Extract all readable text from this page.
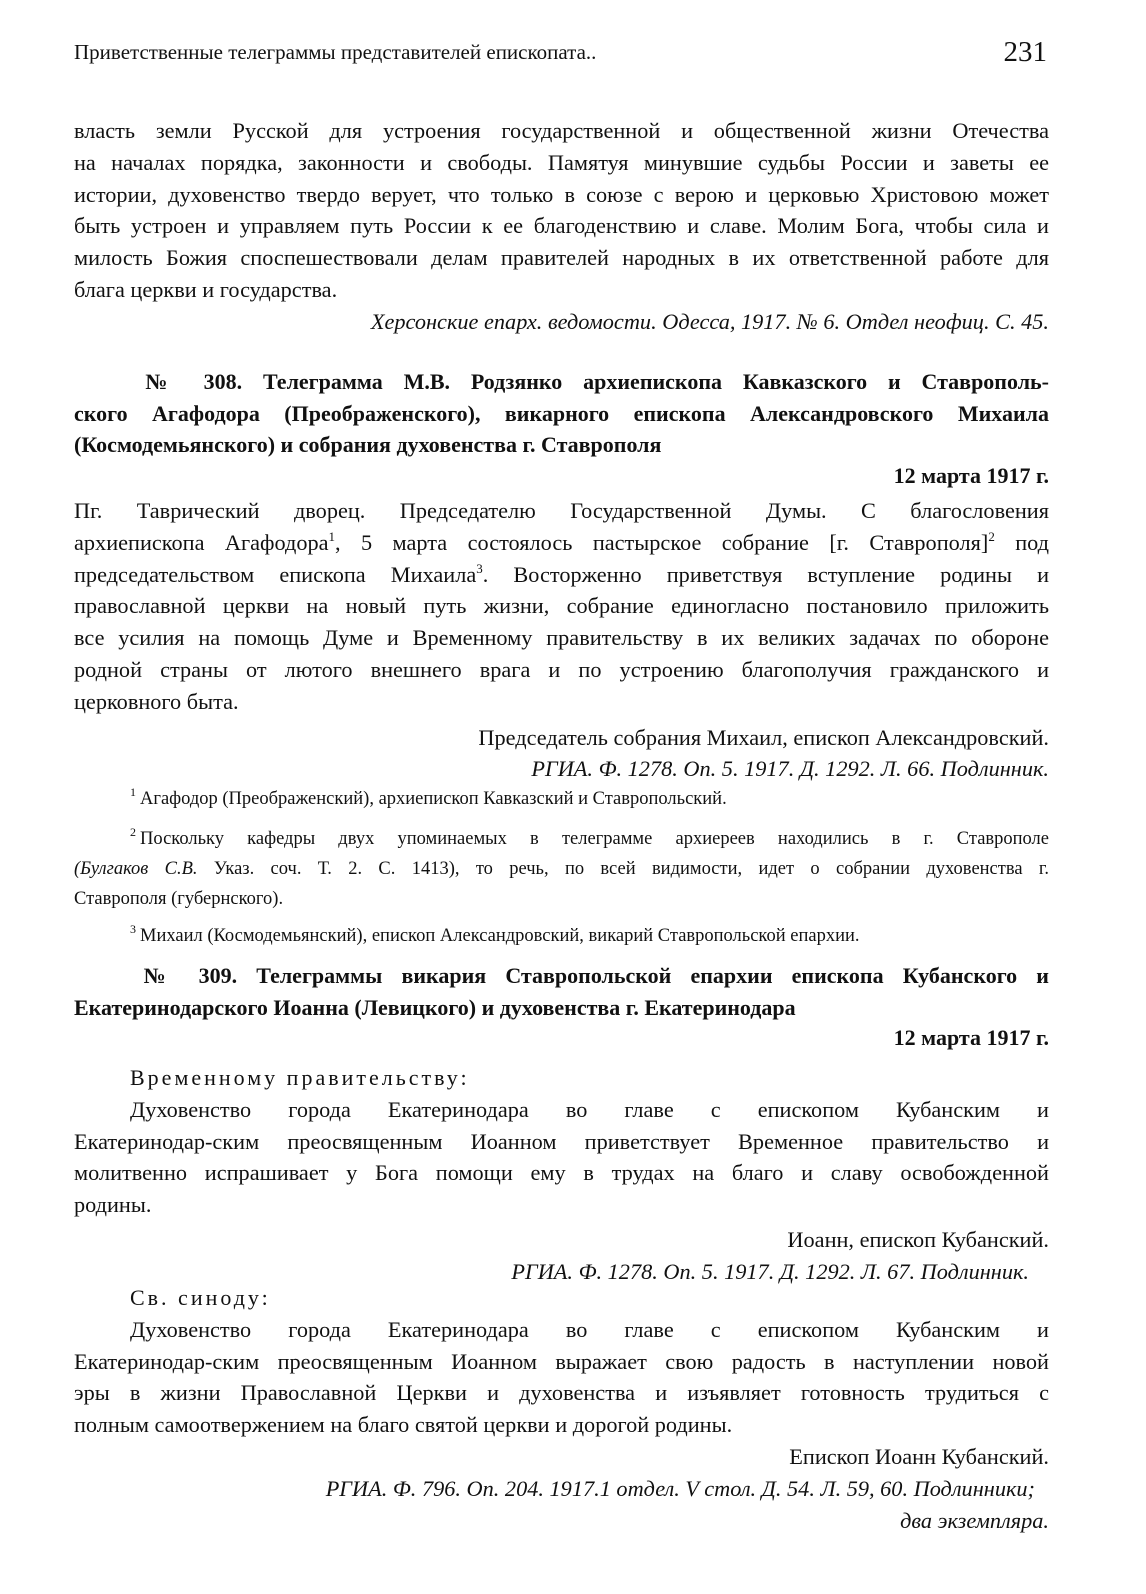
Приветственные телеграммы представителей епископата..	231
власть земли Русской для устроения государственной и общественной жизни Отечества
на началах порядка, законности и свободы. Памятуя минувшие судьбы России и заветы ее
истории, духовенство твердо верует, что только в союзе с верою и церковью Христовою может
быть устроен и управляем путь России к ее благоденствию и славе. Молим Бога, чтобы сила и
милость Божия споспешествовали делам правителей народных в их ответственной работе для
блага церкви и государства.
Херсонские епарх. ведомости. Одесса, 1917. № 6. Отдел неофиц. С. 45.
№ 308. Телеграмма М.В. Родзянко архиепископа Кавказского и Ставрополь-
ского Агафодора (Преображенского), викарного епископа Александровского Михаила
(Космодемьянского) и собрания духовенства г. Ставрополя
12 марта 1917 г.
Пг. Таврический дворец. Председателю Государственной Думы. С благословения
архиепископа Агафодора$^1$, 5 марта состоялось пастырское собрание [г. Ставрополя]$^2$ под
председательством епископа Михаила$^3$. Восторженно приветствуя вступление родины и
православной церкви на новый путь жизни, собрание единогласно постановило приложить
все усилия на помощь Думе и Временному правительству в их великих задачах по обороне
родной страны от лютого внешнего врага и по устроению благополучия гражданского и
церковного быта.
Председатель собрания Михаил, епископ Александровский.
РГИА. Ф. 1278. Оп. 5. 1917. Д. 1292. Л. 66. Подлинник.
$^1$ Агафодор (Преображенский), архиепископ Кавказский и Ставропольский.
$^2$ Поскольку кафедры двух упоминаемых в телеграмме архиереев находились в г. Ставрополе
(Булгаков С.В. Указ. соч. Т. 2. С. 1413), то речь, по всей видимости, идет о собрании духовенства г.
Ставрополя (губернского).
$^3$ Михаил (Космодемьянский), епископ Александровский, викарий Ставропольской епархии.
№ 309. Телеграммы викария Ставропольской епархии епископа Кубанского и
Екатеринодарского Иоанна (Левицкого) и духовенства г. Екатеринодара
12 марта 1917 г.
Временному правительству:
Духовенство города Екатеринодара во главе с епископом Кубанским и
Екатеринодар-ским преосвященным Иоанном приветствует Временное правительство и
молитвенно испрашивает у Бога помощи ему в трудах на благо и славу освобожденной
родины.
Иоанн, епископ Кубанский.
РГИА. Ф. 1278. Оп. 5. 1917. Д. 1292. Л. 67. Подлинник.
Св. синоду:
Духовенство города Екатеринодара во главе с епископом Кубанским и
Екатеринодар-ским преосвященным Иоанном выражает свою радость в наступлении новой
эры в жизни Православной Церкви и духовенства и изъявляет готовность трудиться с
полным самоотвержением на благо святой церкви и дорогой родины.
Епископ Иоанн Кубанский.
РГИА. Ф. 796. Оп. 204. 1917.1 отдел. V стол. Д. 54. Л. 59, 60. Подлинники;
два экземпляра.
